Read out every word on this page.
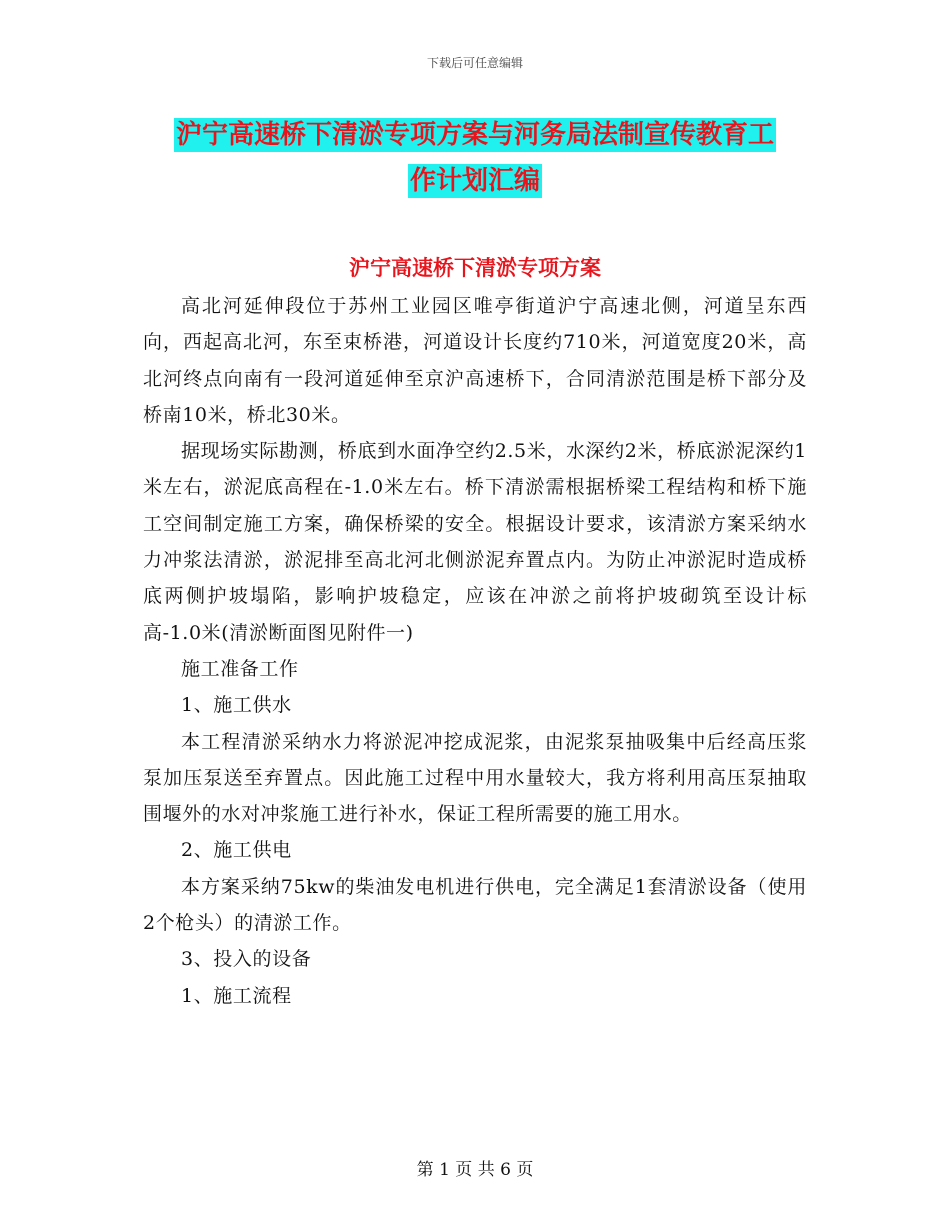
下载后可任意编辑
沪宁高速桥下清淤专项方案与河务局法制宣传教育工
作计划汇编
沪宁高速桥下清淤专项方案

高北河延伸段位于苏州工业园区唯亭街道沪宁高速北侧，河道呈东西向，西起高北河，东至束桥港，河道设计长度约710米，河道宽度20米，高北河终点向南有一段河道延伸至京沪高速桥下，合同清淤范围是桥下部分及桥南10米，桥北30米。

据现场实际勘测，桥底到水面净空约2.5米，水深约2米，桥底淤泥深约1米左右，淤泥底高程在-1.0米左右。桥下清淤需根据桥梁工程结构和桥下施工空间制定施工方案，确保桥梁的安全。根据设计要求，该清淤方案采纳水力冲浆法清淤，淤泥排至高北河北侧淤泥弃置点内。为防止冲淤泥时造成桥底两侧护坡塌陷，影响护坡稳定，应该在冲淤之前将护坡砌筑至设计标高-1.0米(清淤断面图见附件一)

施工准备工作

1、施工供水

本工程清淤采纳水力将淤泥冲挖成泥浆，由泥浆泵抽吸集中后经高压浆泵加压泵送至弃置点。因此施工过程中用水量较大，我方将利用高压泵抽取围堰外的水对冲浆施工进行补水，保证工程所需要的施工用水。

2、施工供电

本方案采纳75kw的柴油发电机进行供电，完全满足1套清淤设备（使用2个枪头）的清淤工作。

3、投入的设备

1、施工流程

第 1 页 共 6 页
